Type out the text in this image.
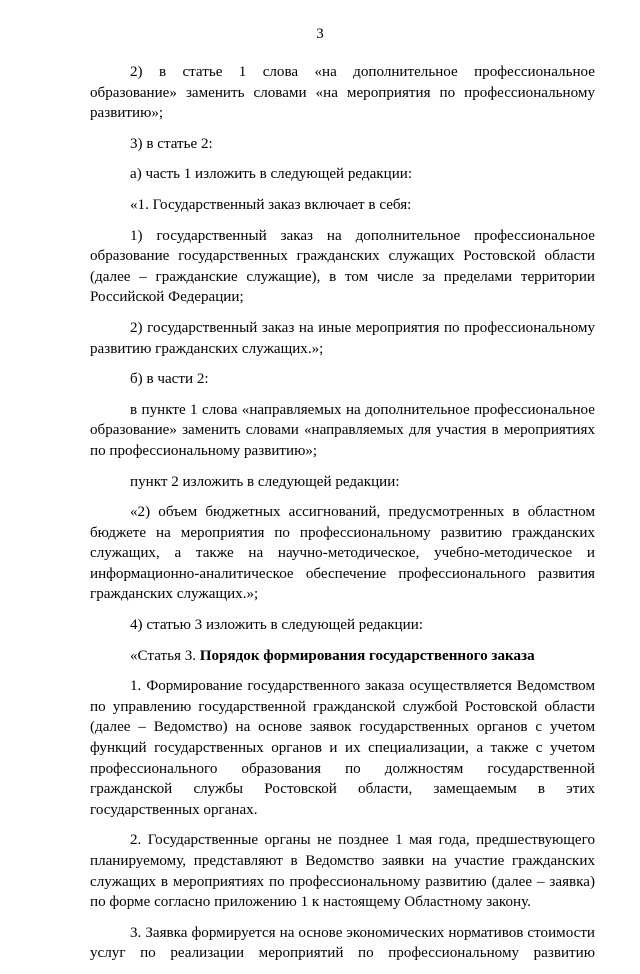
3

2) в статье 1 слова «на дополнительное профессиональное образование» заменить словами «на мероприятия по профессиональному развитию»;

3) в статье 2:

а) часть 1 изложить в следующей редакции:

«1. Государственный заказ включает в себя:

1) государственный заказ на дополнительное профессиональное образование государственных гражданских служащих Ростовской области (далее – гражданские служащие), в том числе за пределами территории Российской Федерации;

2) государственный заказ на иные мероприятия по профессиональному развитию гражданских служащих.»;

б) в части 2:

в пункте 1 слова «направляемых на дополнительное профессиональное образование» заменить словами «направляемых для участия в мероприятиях по профессиональному развитию»;

пункт 2 изложить в следующей редакции:

«2) объем бюджетных ассигнований, предусмотренных в областном бюджете на мероприятия по профессиональному развитию гражданских служащих, а также на научно-методическое, учебно-методическое и информационно-аналитическое обеспечение профессионального развития гражданских служащих.»;

4) статью 3 изложить в следующей редакции:

«Статья 3. Порядок формирования государственного заказа

1. Формирование государственного заказа осуществляется Ведомством по управлению государственной гражданской службой Ростовской области (далее – Ведомство) на основе заявок государственных органов с учетом функций государственных органов и их специализации, а также с учетом профессионального образования по должностям государственной гражданской службы Ростовской области, замещаемым в этих государственных органах.

2. Государственные органы не позднее 1 мая года, предшествующего планируемому, представляют в Ведомство заявки на участие гражданских служащих в мероприятиях по профессиональному развитию (далее – заявка) по форме согласно приложению 1 к настоящему Областному закону.

3. Заявка формируется на основе экономических нормативов стоимости услуг по реализации мероприятий по профессиональному развитию
